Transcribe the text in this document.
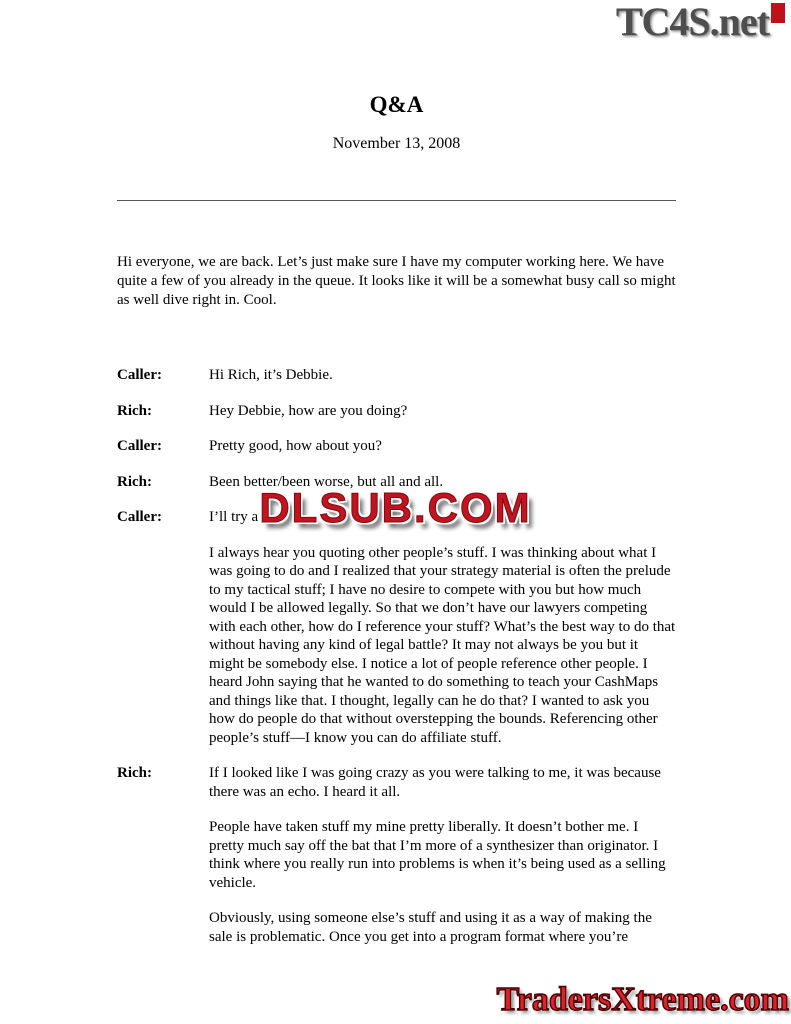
TC4S.net
Q&A
November 13, 2008

Hi everyone, we are back. Let’s just make sure I have my computer working here. We have quite a few of you already in the queue. It looks like it will be a somewhat busy call so might as well dive right in. Cool.

Caller:	Hi Rich, it’s Debbie.

Rich:	Hey Debbie, how are you doing?

Caller:	Pretty good, how about you?

Rich:	Been better/been worse, but all and all.

Caller:	I’ll try a

I always hear you quoting other people’s stuff. I was thinking about what I was going to do and I realized that your strategy material is often the prelude to my tactical stuff; I have no desire to compete with you but how much would I be allowed legally. So that we don’t have our lawyers competing with each other, how do I reference your stuff? What’s the best way to do that without having any kind of legal battle? It may not always be you but it might be somebody else. I notice a lot of people reference other people. I heard John saying that he wanted to do something to teach your CashMaps and things like that. I thought, legally can he do that? I wanted to ask you how do people do that without overstepping the bounds. Referencing other people’s stuff—I know you can do affiliate stuff.

Rich:	If I looked like I was going crazy as you were talking to me, it was because there was an echo. I heard it all.

People have taken stuff my mine pretty liberally. It doesn’t bother me. I pretty much say off the bat that I’m more of a synthesizer than originator. I think where you really run into problems is when it’s being used as a selling vehicle.

Obviously, using someone else’s stuff and using it as a way of making the sale is problematic. Once you get into a program format where you’re

DLSUB.COM
TradersXtreme.com
